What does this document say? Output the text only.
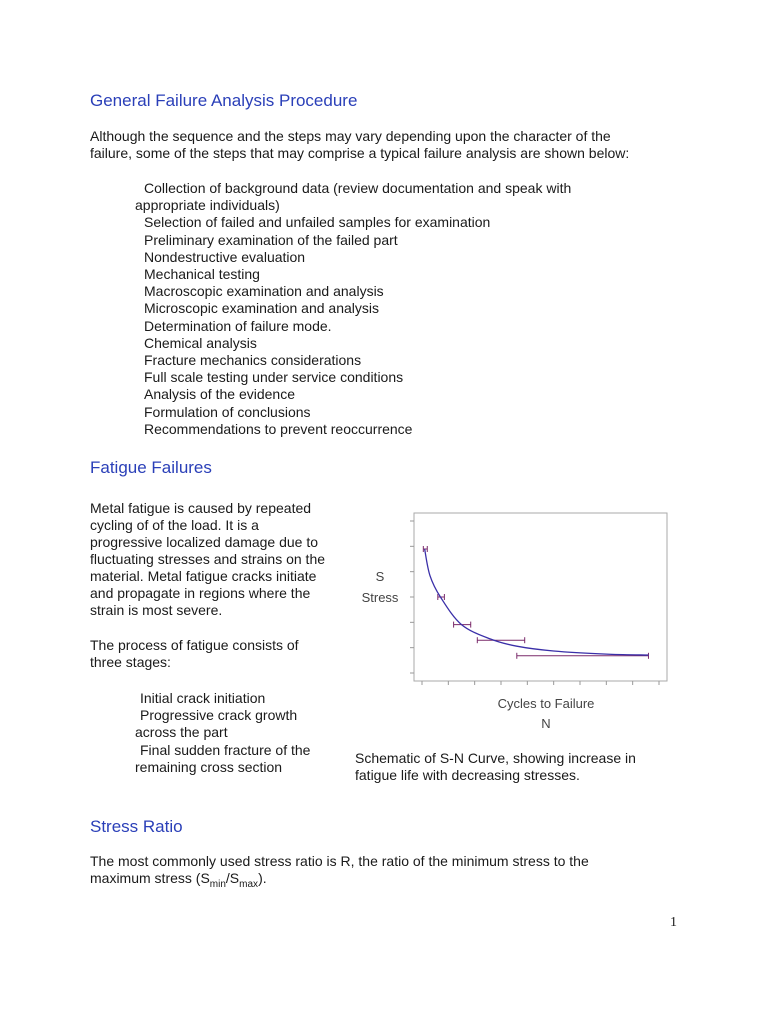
General Failure Analysis Procedure

Although the sequence and the steps may vary depending upon the character of the

failure, some of the steps that may comprise a typical failure analysis are shown below:

Collection of background data (review documentation and speak with
appropriate individuals)
Selection of failed and unfailed samples for examination
Preliminary examination of the failed part
Nondestructive evaluation
Mechanical testing
Macroscopic examination and analysis
Microscopic examination and analysis
Determination of failure mode.
Chemical analysis
Fracture mechanics considerations
Full scale testing under service conditions
Analysis of the evidence
Formulation of conclusions
Recommendations to prevent reoccurrence
Fatigue Failures
Metal fatigue is caused by repeated
cycling of of the load. It is a
progressive localized damage due to
fluctuating stresses and strains on the
material. Metal fatigue cracks initiate
and propagate in regions where the
strain is most severe.
The process of fatigue consists of
three stages:
Initial crack initiation
Progressive crack growth
across the part
Final sudden fracture of the
remaining cross section
S
Stress
Cycles to Failure
N
Schematic of S-N Curve, showing increase in
fatigue life with decreasing stresses.
Stress Ratio

The most commonly used stress ratio is R, the ratio of the minimum stress to the

maximum stress $(S_{min}/S_{max})$.

1
